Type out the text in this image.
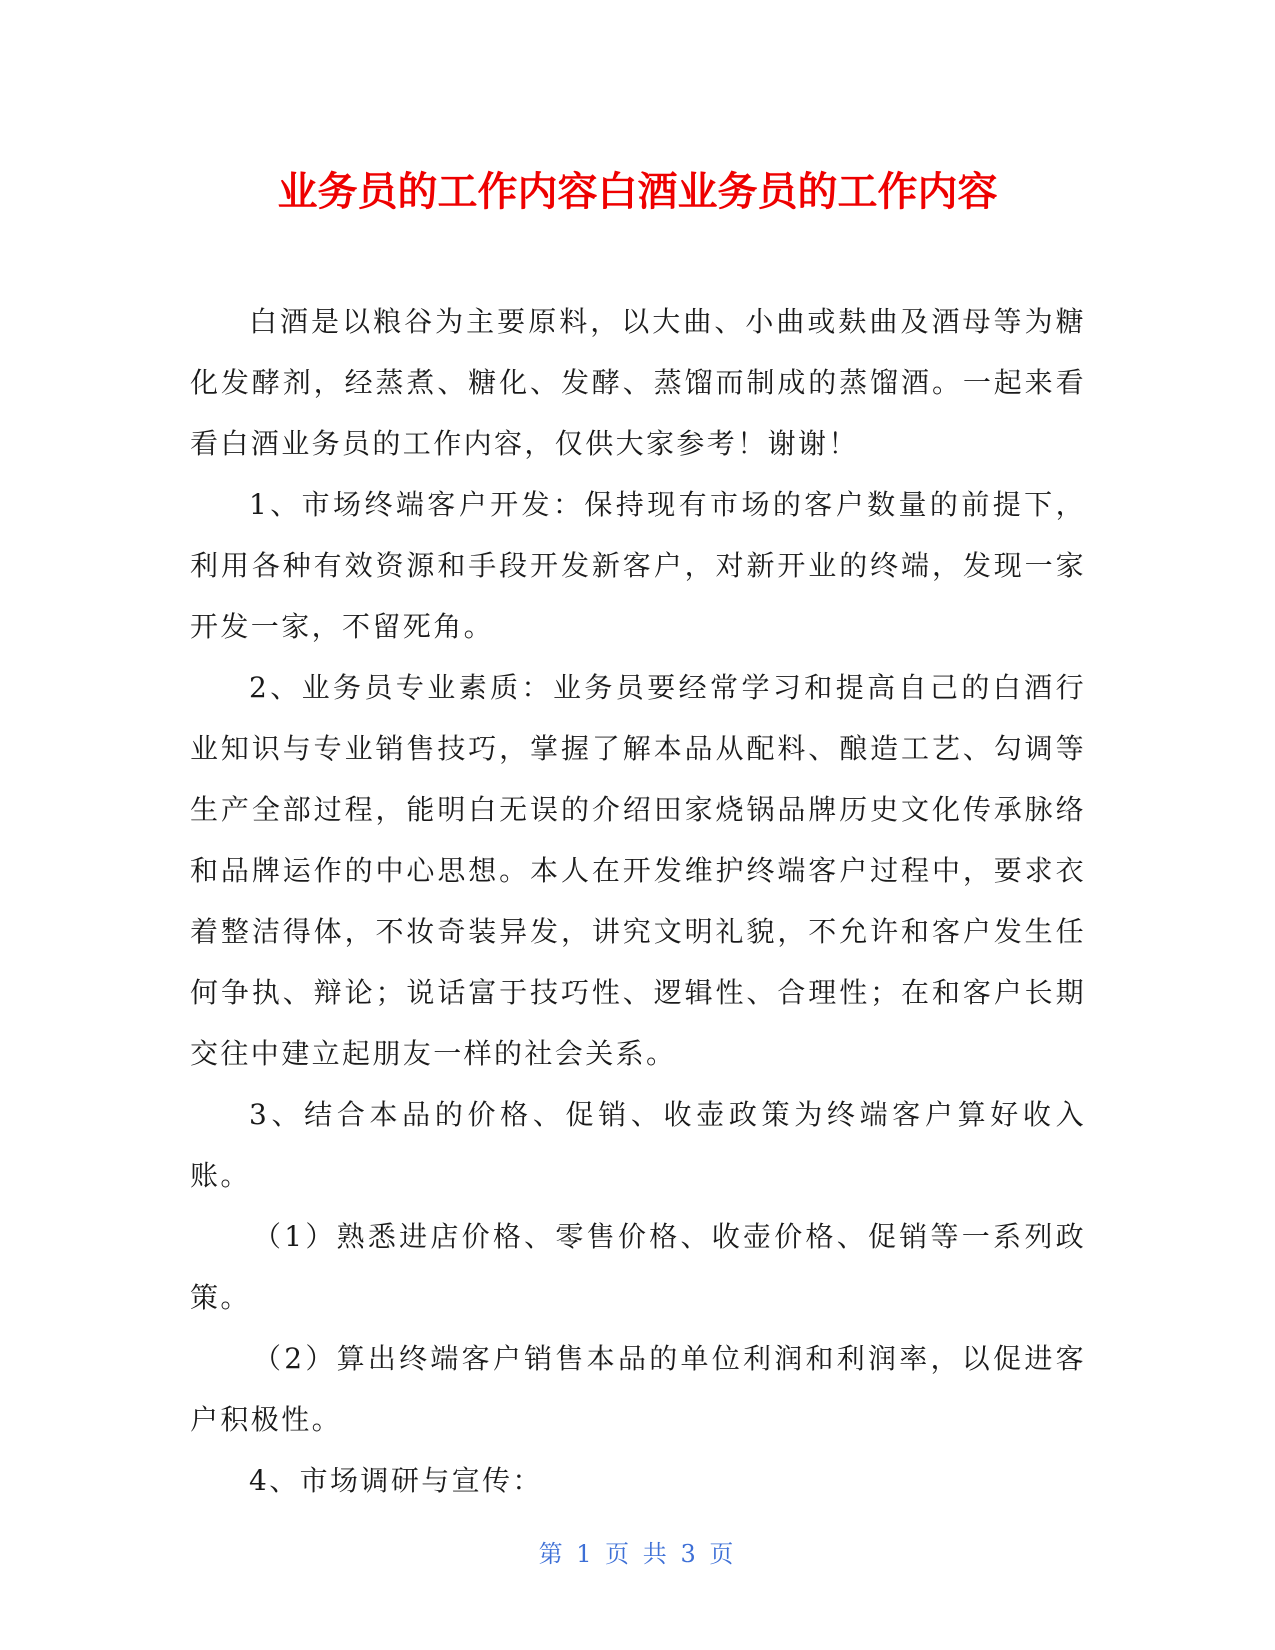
业务员的工作内容白酒业务员的工作内容

白酒是以粮谷为主要原料，以大曲、小曲或麸曲及酒母等为糖化发酵剂，经蒸煮、糖化、发酵、蒸馏而制成的蒸馏酒。一起来看看白酒业务员的工作内容，仅供大家参考！谢谢！

1、市场终端客户开发：保持现有市场的客户数量的前提下，利用各种有效资源和手段开发新客户，对新开业的终端，发现一家开发一家，不留死角。

2、业务员专业素质：业务员要经常学习和提高自己的白酒行业知识与专业销售技巧，掌握了解本品从配料、酿造工艺、勾调等生产全部过程，能明白无误的介绍田家烧锅品牌历史文化传承脉络和品牌运作的中心思想。本人在开发维护终端客户过程中，要求衣着整洁得体，不妆奇装异发，讲究文明礼貌，不允许和客户发生任何争执、辩论；说话富于技巧性、逻辑性、合理性；在和客户长期交往中建立起朋友一样的社会关系。

3、结合本品的价格、促销、收壶政策为终端客户算好收入账。

（1）熟悉进店价格、零售价格、收壶价格、促销等一系列政策。

（2）算出终端客户销售本品的单位利润和利润率，以促进客户积极性。

4、市场调研与宣传：

第 1 页 共 3 页
